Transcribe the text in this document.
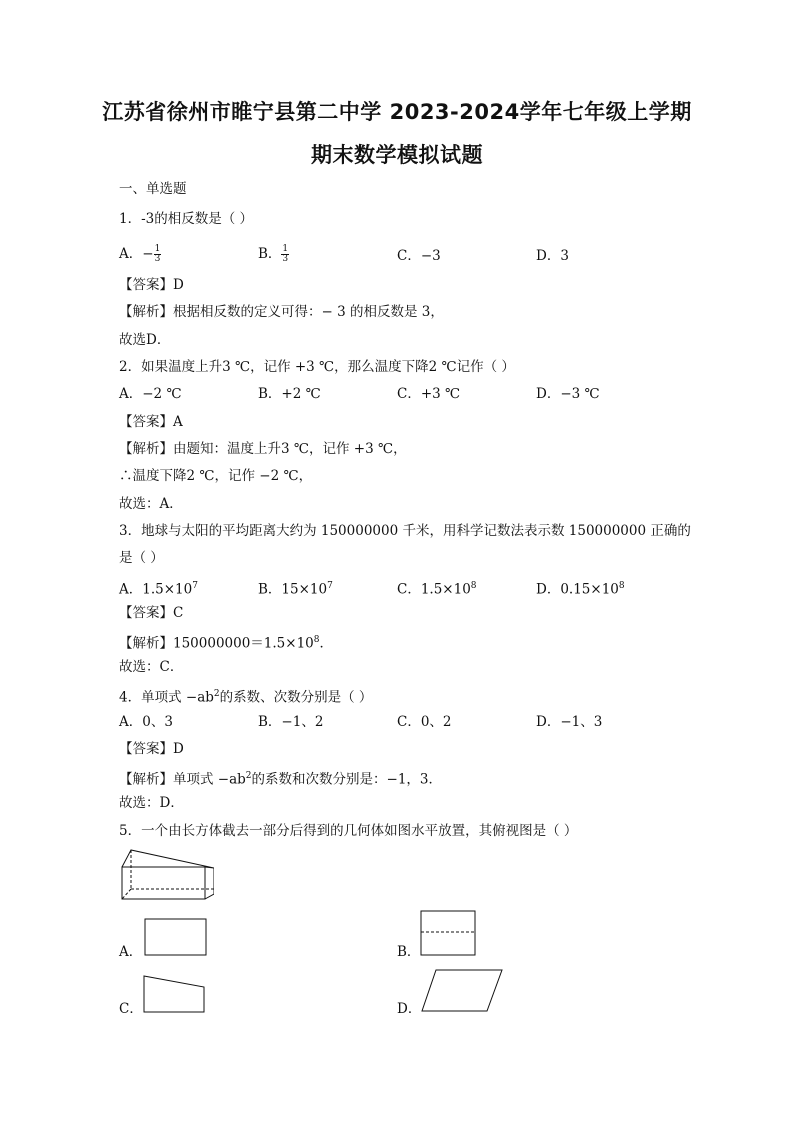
江苏省徐州市睢宁县第二中学 2023-2024学年七年级上学期
期末数学模拟试题
一、单选题
1．-3的相反数是（ ）
A．− $\frac{1}{3}$	B． $\frac{1}{3}$	C．−3	D．3
【答案】D
【解析】根据相反数的定义可得：− 3 的相反数是 3，
故选D．
2．如果温度上升3 ℃，记作 +3 ℃，那么温度下降2 ℃记作（ ）
A．−2 ℃	B．+2 ℃	C．+3 ℃	D．−3 ℃
【答案】A
【解析】由题知：温度上升3 ℃，记作 +3 ℃，
∴温度下降2 ℃，记作 −2 ℃，
故选：A．
3．地球与太阳的平均距离大约为 150000000 千米，用科学记数法表示数 150000000 正确的
是（ ）
A．$1.5\times 10^7$	B．$15\times 10^7$	C．$1.5\times 10^8$	D．$0.15\times 10^8$
【答案】C
【解析】$150000000=1.5\times 10^8$．
故选：C．
4．单项式 $-ab^2$的系数、次数分别是（ ）
A．0、3	B．−1、2	C．0、2	D．−1、3
【答案】D
【解析】单项式 $-ab^2$的系数和次数分别是：−1，3．
故选：D．
5．一个由长方体截去一部分后得到的几何体如图水平放置，其俯视图是（ ）
A．	B．
C．	D．
